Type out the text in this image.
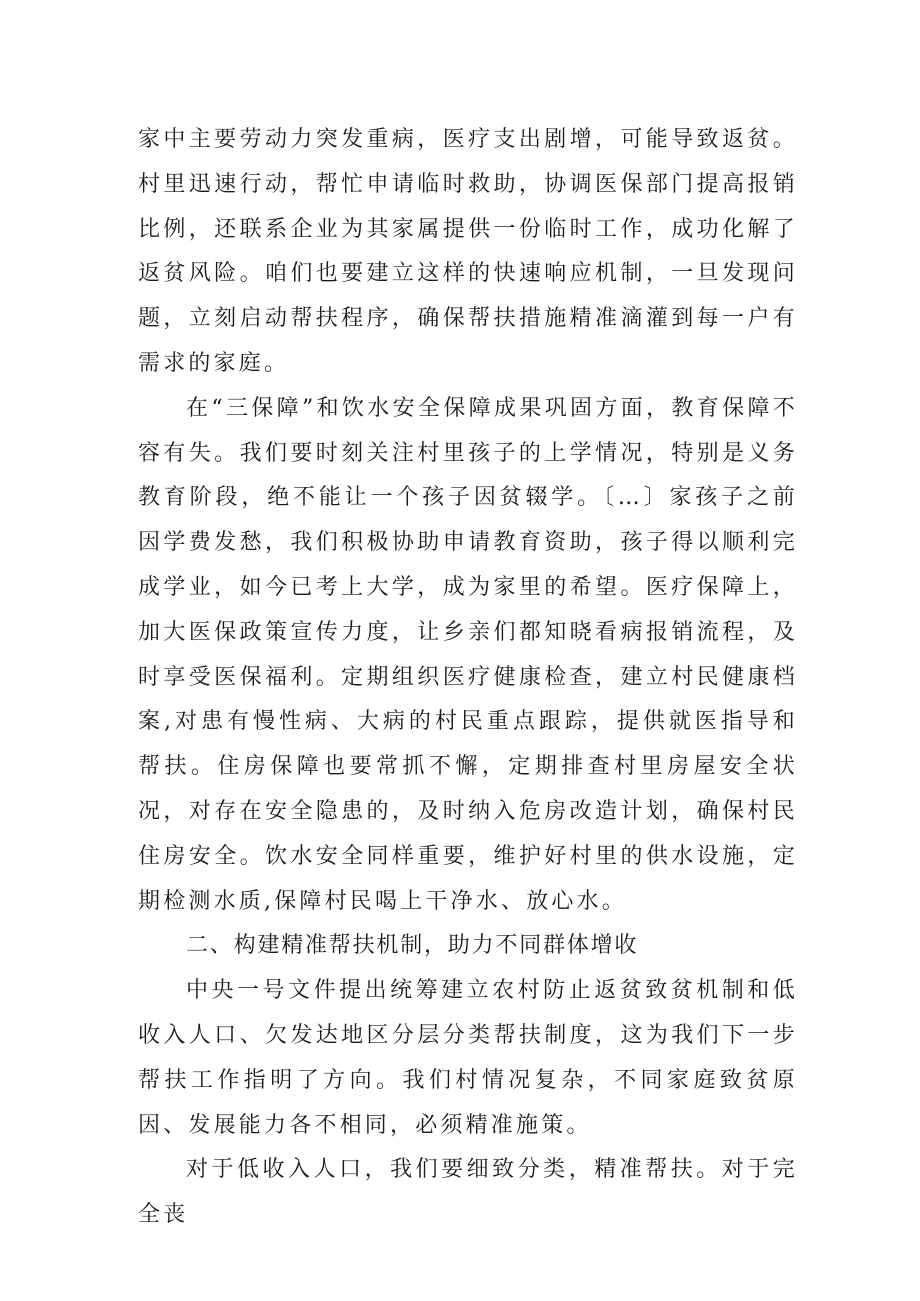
家中主要劳动力突发重病，医疗支出剧增，可能导致返贫。村里迅速行动，帮忙申请临时救助，协调医保部门提高报销比例，还联系企业为其家属提供一份临时工作，成功化解了返贫风险。咱们也要建立这样的快速响应机制，一旦发现问题，立刻启动帮扶程序，确保帮扶措施精准滴灌到每一户有需求的家庭。

在“三保障”和饮水安全保障成果巩固方面，教育保障不容有失。我们要时刻关注村里孩子的上学情况，特别是义务教育阶段，绝不能让一个孩子因贫辍学。〔…〕家孩子之前因学费发愁，我们积极协助申请教育资助，孩子得以顺利完成学业，如今已考上大学，成为家里的希望。医疗保障上，加大医保政策宣传力度，让乡亲们都知晓看病报销流程，及时享受医保福利。定期组织医疗健康检查，建立村民健康档案,对患有慢性病、大病的村民重点跟踪，提供就医指导和帮扶。住房保障也要常抓不懈，定期排查村里房屋安全状况，对存在安全隐患的，及时纳入危房改造计划，确保村民住房安全。饮水安全同样重要，维护好村里的供水设施，定期检测水质,保障村民喝上干净水、放心水。

二、构建精准帮扶机制，助力不同群体增收

中央一号文件提出统筹建立农村防止返贫致贫机制和低收入人口、欠发达地区分层分类帮扶制度，这为我们下一步帮扶工作指明了方向。我们村情况复杂，不同家庭致贫原因、发展能力各不相同，必须精准施策。

对于低收入人口，我们要细致分类，精准帮扶。对于完全丧
